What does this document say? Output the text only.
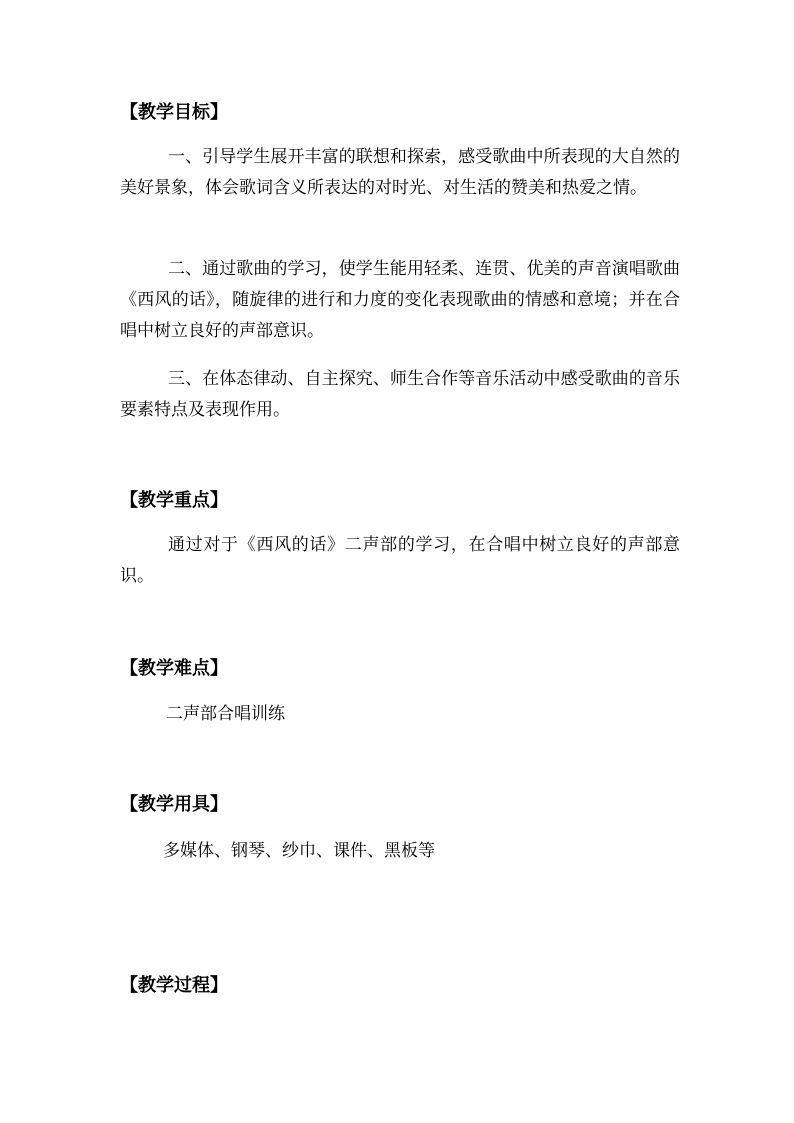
【教学目标】

一、引导学生展开丰富的联想和探索，感受歌曲中所表现的大自然的美好景象，体会歌词含义所表达的对时光、对生活的赞美和热爱之情。

二、通过歌曲的学习，使学生能用轻柔、连贯、优美的声音演唱歌曲《西风的话》，随旋律的进行和力度的变化表现歌曲的情感和意境；并在合唱中树立良好的声部意识。

三、在体态律动、自主探究、师生合作等音乐活动中感受歌曲的音乐要素特点及表现作用。

【教学重点】

通过对于《西风的话》二声部的学习，在合唱中树立良好的声部意识。

【教学难点】

二声部合唱训练

【教学用具】

多媒体、钢琴、纱巾、课件、黑板等

【教学过程】
